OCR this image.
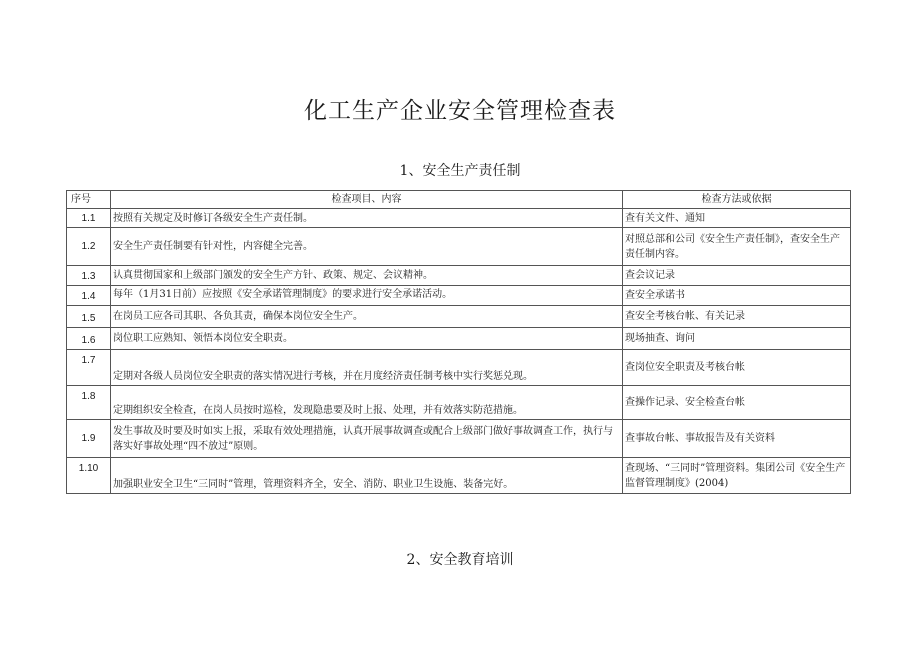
化工生产企业安全管理检查表
1、安全生产责任制
序号	检查项目、内容	检查方法或依据
1.1	按照有关规定及时修订各级安全生产责任制。	查有关文件、通知
1.2	安全生产责任制要有针对性，内容健全完善。	对照总部和公司《安全生产责任制》，查安全生产责任制内容。
1.3	认真贯彻国家和上级部门颁发的安全生产方针、政策、规定、会议精神。	查会议记录
1.4	每年（1月31日前）应按照《安全承诺管理制度》的要求进行安全承诺活动。	查安全承诺书
1.5	在岗员工应各司其职、各负其责，确保本岗位安全生产。	查安全考核台帐、有关记录
1.6	岗位职工应熟知、领悟本岗位安全职责。	现场抽查、询问
1.7	定期对各级人员岗位安全职责的落实情况进行考核，并在月度经济责任制考核中实行奖惩兑现。	查岗位安全职责及考核台帐
1.8	定期组织安全检查，在岗人员按时巡检，发现隐患要及时上报、处理，并有效落实防范措施。	查操作记录、安全检查台帐
1.9	发生事故及时要及时如实上报，采取有效处理措施，认真开展事故调查或配合上级部门做好事故调查工作，执行与落实好事故处理“四不放过”原则。	查事故台帐、事故报告及有关资料
1.10	加强职业安全卫生“三同时”管理，管理资料齐全，安全、消防、职业卫生设施、装备完好。	查现场、“三同时”管理资料。集团公司《安全生产监督管理制度》(2004)
2、安全教育培训
